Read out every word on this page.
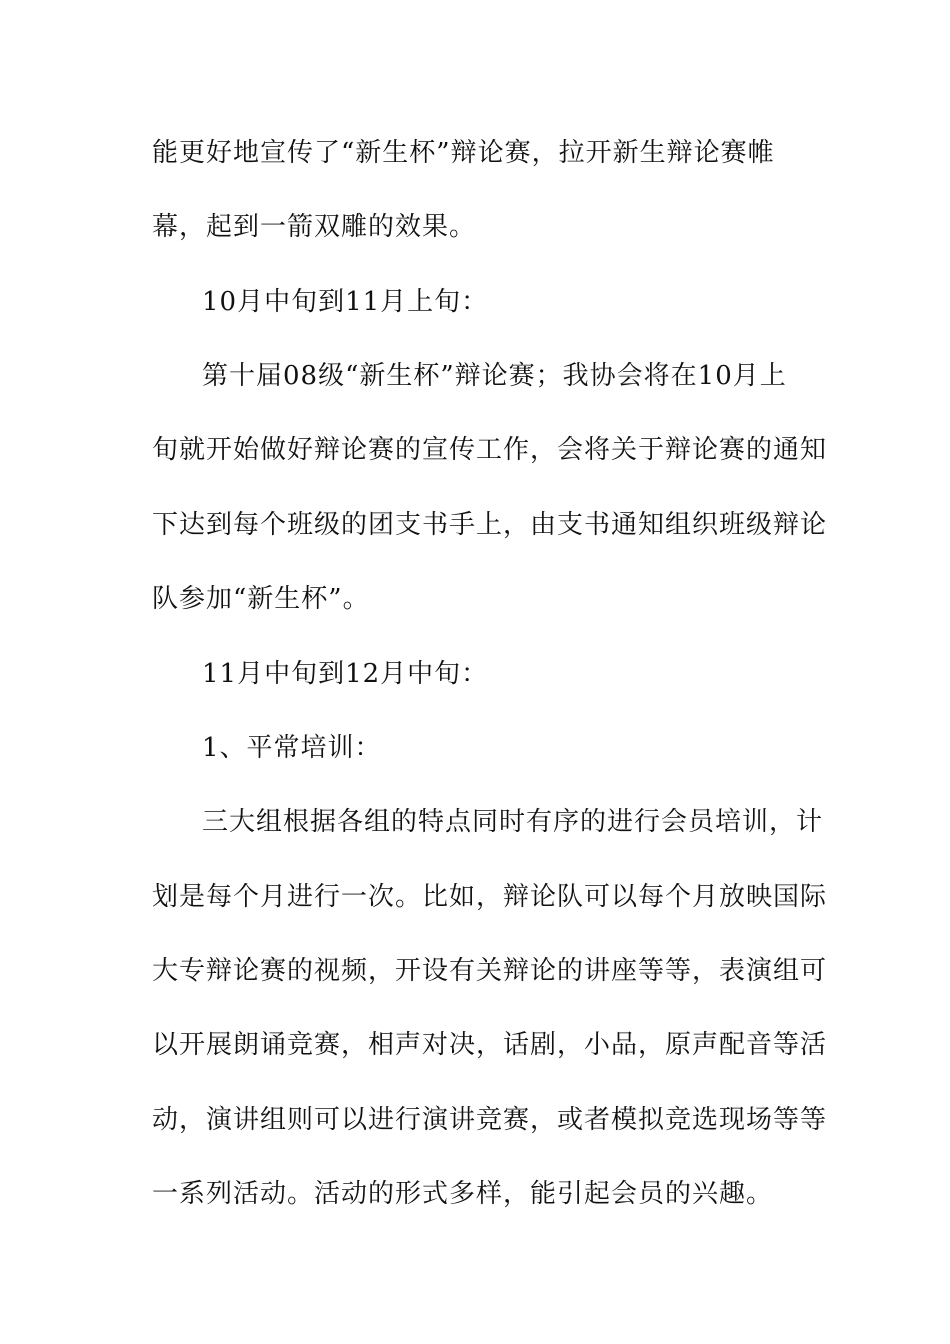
能更好地宣传了“新生杯”辩论赛，拉开新生辩论赛帷
幕，起到一箭双雕的效果。
10月中旬到11月上旬：
第十届08级“新生杯”辩论赛；我协会将在10月上
旬就开始做好辩论赛的宣传工作，会将关于辩论赛的通知
下达到每个班级的团支书手上，由支书通知组织班级辩论
队参加“新生杯”。
11月中旬到12月中旬：
1、平常培训：
三大组根据各组的特点同时有序的进行会员培训，计
划是每个月进行一次。比如，辩论队可以每个月放映国际
大专辩论赛的视频，开设有关辩论的讲座等等，表演组可
以开展朗诵竞赛，相声对决，话剧，小品，原声配音等活
动，演讲组则可以进行演讲竞赛，或者模拟竞选现场等等
一系列活动。活动的形式多样，能引起会员的兴趣。
